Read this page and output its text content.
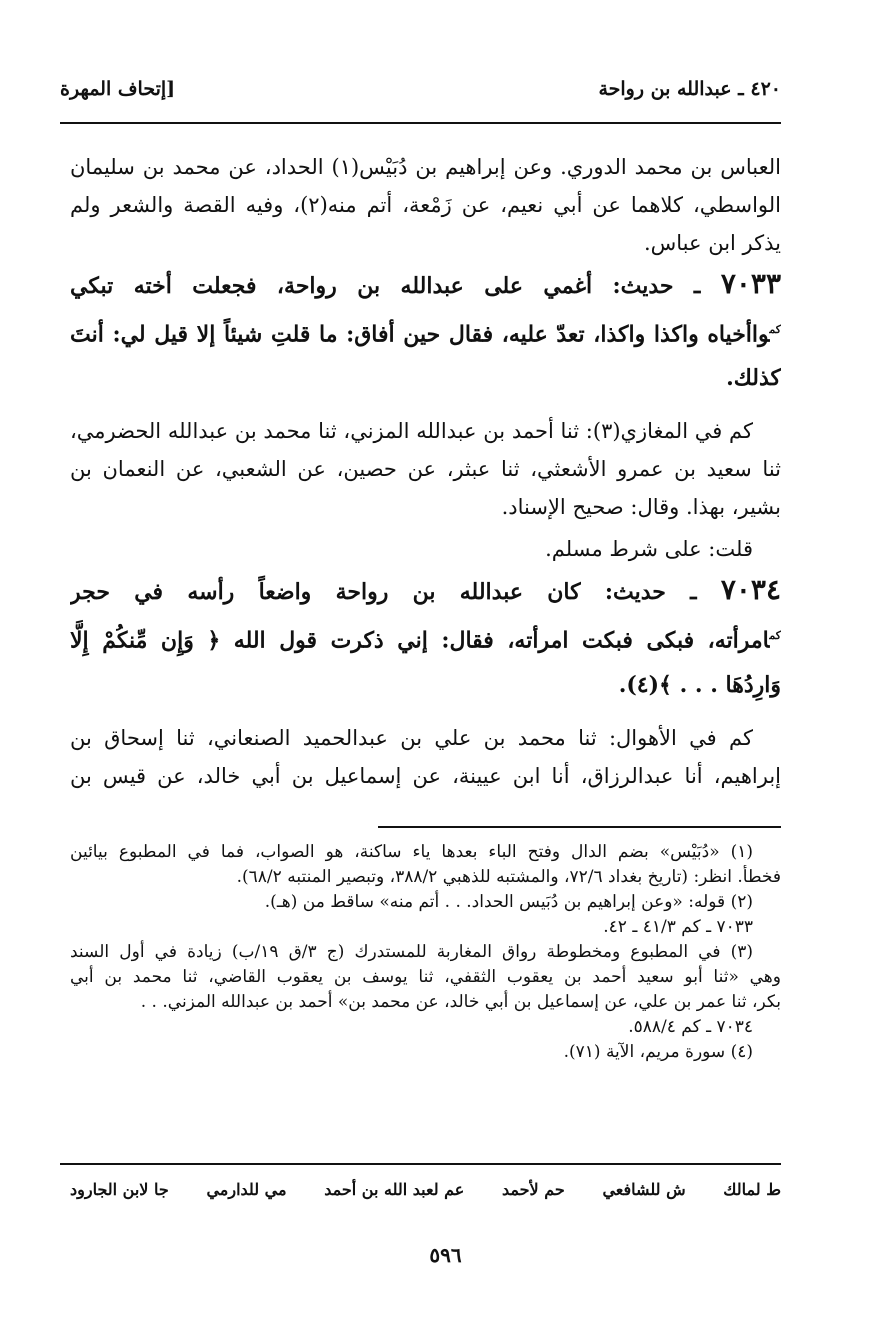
٤٢٠ ـ عبدالله بن رواحة
[إتحاف المهرة
العباس بن محمد الدوري. وعن إبراهيم بن دُبَيْس(١) الحداد، عن محمد بن سليمان
الواسطي، كلاهما عن أبي نعيم، عن زَمْعة، أتم منه(٢)، وفيه القصة والشعر ولم
يذكر ابن عباس.
٧٠٣٣ ـ حديث: أغمي على عبدالله بن رواحة، فجعلت أخته تبكي
$^{كم}$واأخياه واكذا واكذا، تعدّ عليه، فقال حين أفاق: ما قلتِ شيئاً إلا قيل لي: أنتَ
كذلك.
كم في المغازي(٣): ثنا أحمد بن عبدالله المزني، ثنا محمد بن عبدالله الحضرمي،
ثنا سعيد بن عمرو الأشعثي، ثنا عبثر، عن حصين، عن الشعبي، عن النعمان بن
بشير، بهذا. وقال: صحيح الإسناد.
قلت: على شرط مسلم.
٧٠٣٤ ـ حديث: كان عبدالله بن رواحة واضعاً رأسه في حجر
$^{كم}$امرأته، فبكى فبكت امرأته، فقال: إني ذكرت قول الله ﴿ وَإِن مِّنكُمْ إِلَّا
وَارِدُهَا . . . ﴾(٤).
كم في الأهوال: ثنا محمد بن علي بن عبدالحميد الصنعاني، ثنا إسحاق بن
إبراهيم، أنا عبدالرزاق، أنا ابن عيينة، عن إسماعيل بن أبي خالد، عن قيس بن
(١) «دُبَيْس» بضم الدال وفتح الباء بعدها ياء ساكنة، هو الصواب، فما في المطبوع بيائين
فخطأ. انظر: (تاريخ بغداد ٧٢/٦، والمشتبه للذهبي ٣٨٨/٢، وتبصير المنتبه ٦٨/٢).
(٢) قوله: «وعن إبراهيم بن دُبَيس الحداد. . . أتم منه» ساقط من (هـ).
٧٠٣٣ ـ كم ٤١/٣ ـ ٤٢.
(٣) في المطبوع ومخطوطة رواق المغاربة للمستدرك (ج ٣/ق ١٩/ب) زيادة في أول السند
وهي «ثنا أبو سعيد أحمد بن يعقوب الثقفي، ثنا يوسف بن يعقوب القاضي، ثنا محمد بن أبي
بكر، ثنا عمر بن علي، عن إسماعيل بن أبي خالد، عن محمد بن» أحمد بن عبدالله المزني. . .
٧٠٣٤ ـ كم ٥٨٨/٤.
(٤) سورة مريم، الآية (٧١).
ط لمالك
ش للشافعي
حم لأحمد
عم لعبد الله بن أحمد
مي للدارمي
جا لابن الجارود
٥٩٦
